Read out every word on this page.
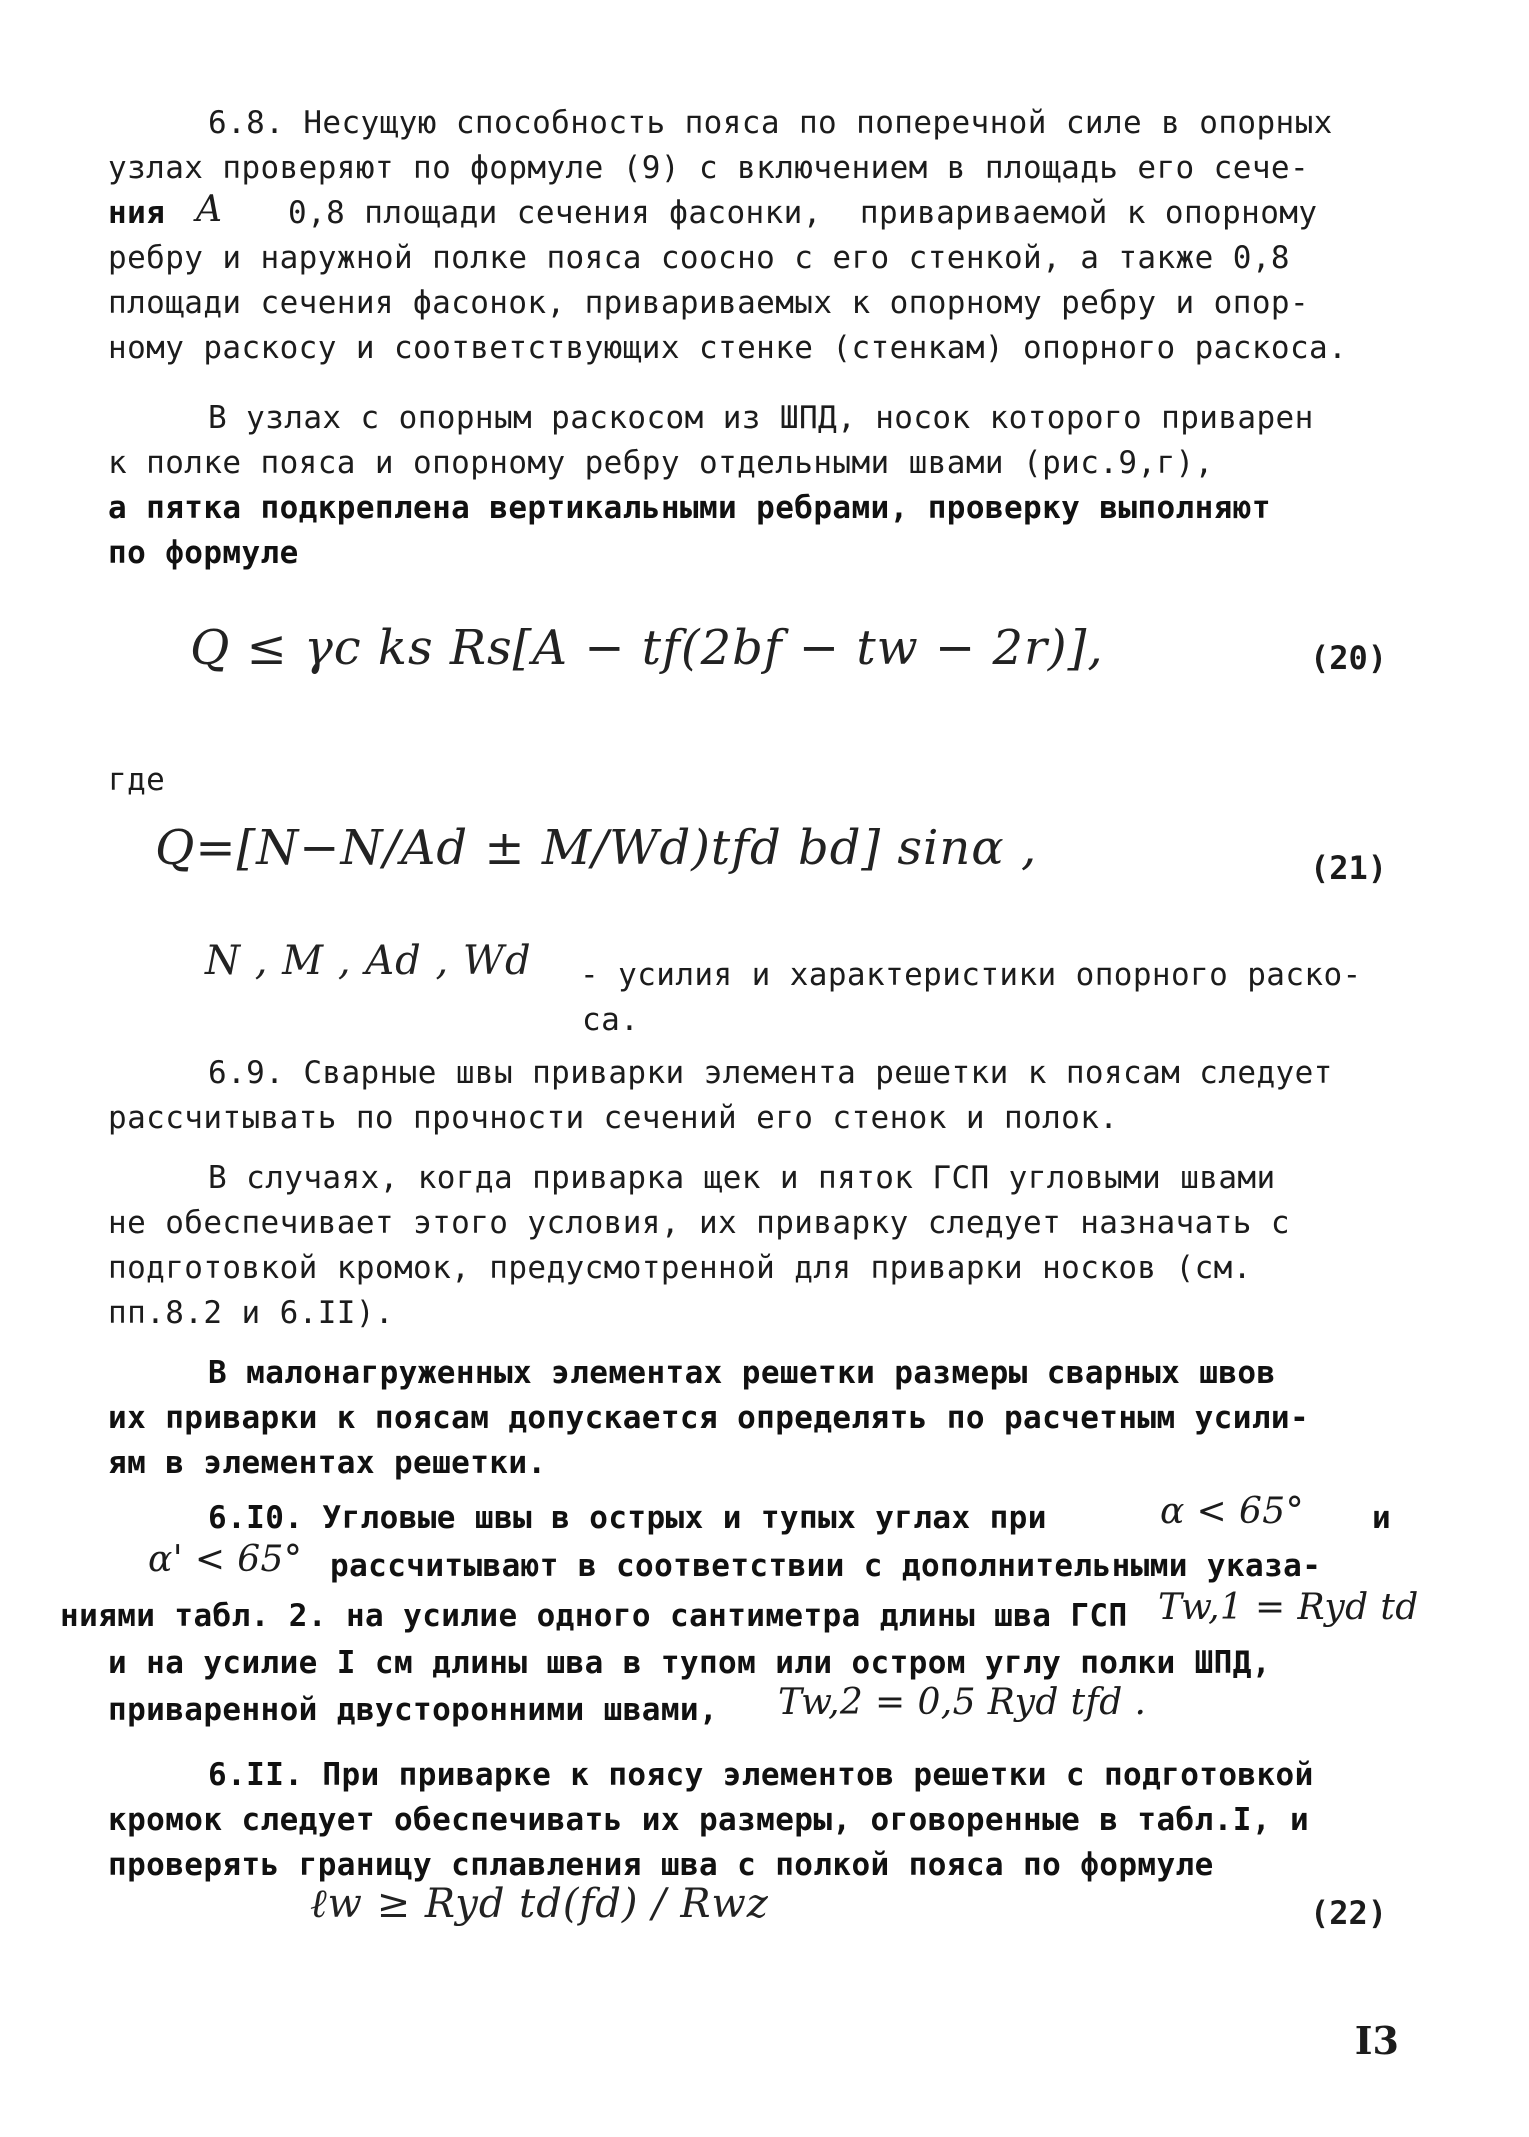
6.8. Несущую способность пояса по поперечной силе в опорных
узлах проверяют по формуле (9) с включением в площадь его сече-
ния A 0,8 площади сечения фасонки,  привариваемой к опорному
ребру и наружной полке пояса соосно с его стенкой, а также 0,8
площади сечения фасонок, привариваемых к опорному ребру и опор-
ному раскосу и соответствующих стенке (стенкам) опорного раскоса.
В узлах с опорным раскосом из ШПД, носок которого приварен
к полке пояса и опорному ребру отдельными швами (рис.9,г),
а пятка подкреплена вертикальными ребрами, проверку выполняют
по формуле
Q ≤ γc ks Rs[A − tf(2bf − tw − 2r)],	(20)
где
Q=[N−N/Ad ± M/Wd)tfd bd] sinα ,	(21)
N , M , Ad , Wd - усилия и характеристики опорного раско-
са.
6.9. Сварные швы приварки элемента решетки к поясам следует
рассчитывать по прочности сечений его стенок и полок.
В случаях, когда приварка щек и пяток ГСП угловыми швами
не обеспечивает этого условия, их приварку следует назначать с
подготовкой кромок, предусмотренной для приварки носков (см.
пп.8.2 и 6.II).
В малонагруженных элементах решетки размеры сварных швов
их приварки к поясам допускается определять по расчетным усили-
ям в элементах решетки.
6.I0. Угловые швы в острых и тупых углах при	α < 65° и
α' < 65° рассчитывают в соответствии с дополнительными указа-
ниями табл. 2. на усилие одного сантиметра длины шва ГСП Tw,1 = Ryd td
и на усилие I см длины шва в тупом или остром углу полки ШПД,
приваренной двусторонними швами, Tw,2 = 0,5 Ryd tfd .
6.II. При приварке к поясу элементов решетки с подготовкой
кромок следует обеспечивать их размеры, оговоренные в табл.I, и
проверять границу сплавления шва с полкой пояса по формуле
ℓw ≥ Ryd td(fd) / Rwz	(22)
I3
